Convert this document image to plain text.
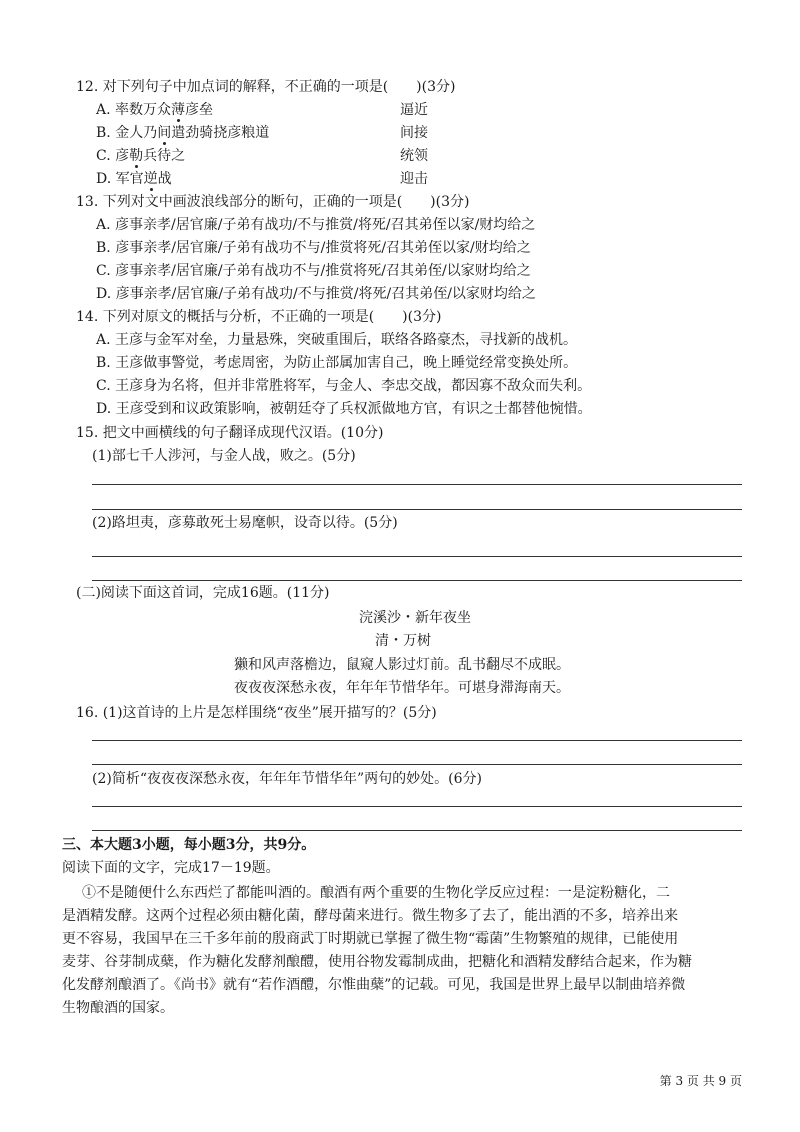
12. 对下列句子中加点词的解释，不正确的一项是(　　)(3分)
A. 率数万众薄彦垒	逼近
B. 金人乃间遣劲骑挠彦粮道	间接
C. 彦勒兵待之	统领
D. 军官逆战	迎击
13. 下列对文中画波浪线部分的断句，正确的一项是(　　)(3分)
A. 彦事亲孝/居官廉/子弟有战功/不与推赏/将死/召其弟侄以家/财均给之
B. 彦事亲孝/居官廉/子弟有战功不与/推赏将死/召其弟侄以家/财均给之
C. 彦事亲孝/居官廉/子弟有战功不与/推赏将死/召其弟侄/以家财均给之
D. 彦事亲孝/居官廉/子弟有战功/不与推赏/将死/召其弟侄/以家财均给之
14. 下列对原文的概括与分析，不正确的一项是(　　)(3分)
A. 王彦与金军对垒，力量悬殊，突破重围后，联络各路豪杰，寻找新的战机。
B. 王彦做事警觉，考虑周密，为防止部属加害自己，晚上睡觉经常变换处所。
C. 王彦身为名将，但并非常胜将军，与金人、李忠交战，都因寡不敌众而失利。
D. 王彦受到和议政策影响，被朝廷夺了兵权派做地方官，有识之士都替他惋惜。
15. 把文中画横线的句子翻译成现代汉语。(10分)
(1)部七千人涉河，与金人战，败之。(5分)
(2)路坦夷，彦募敢死士易麾帜，设奇以待。(5分)
(二)阅读下面这首词，完成16题。(11分)
浣溪沙・新年夜坐
清・万树
獭和风声落檐边，鼠窥人影过灯前。乱书翻尽不成眠。
夜夜夜深愁永夜，年年年节惜华年。可堪身滞海南天。
16. (1)这首诗的上片是怎样围绕“夜坐”展开描写的？(5分)
(2)简析“夜夜夜深愁永夜，年年年节惜华年”两句的妙处。(6分)
三、本大题3小题，每小题3分，共9分。
阅读下面的文字，完成17－19题。
①不是随便什么东西烂了都能叫酒的。酿酒有两个重要的生物化学反应过程：一是淀粉糖化，二
是酒精发酵。这两个过程必须由糖化菌，酵母菌来进行。微生物多了去了，能出酒的不多，培养出来
更不容易，我国早在三千多年前的殷商武丁时期就已掌握了微生物“霉菌”生物繁殖的规律，已能使用
麦芽、谷芽制成蘖，作为糖化发酵剂酿醴，使用谷物发霉制成曲，把糖化和酒精发酵结合起来，作为糖
化发酵剂酿酒了。《尚书》就有“若作酒醴，尔惟曲蘖”的记载。可见，我国是世界上最早以制曲培养微
生物酿酒的国家。
第 3 页 共 9 页
